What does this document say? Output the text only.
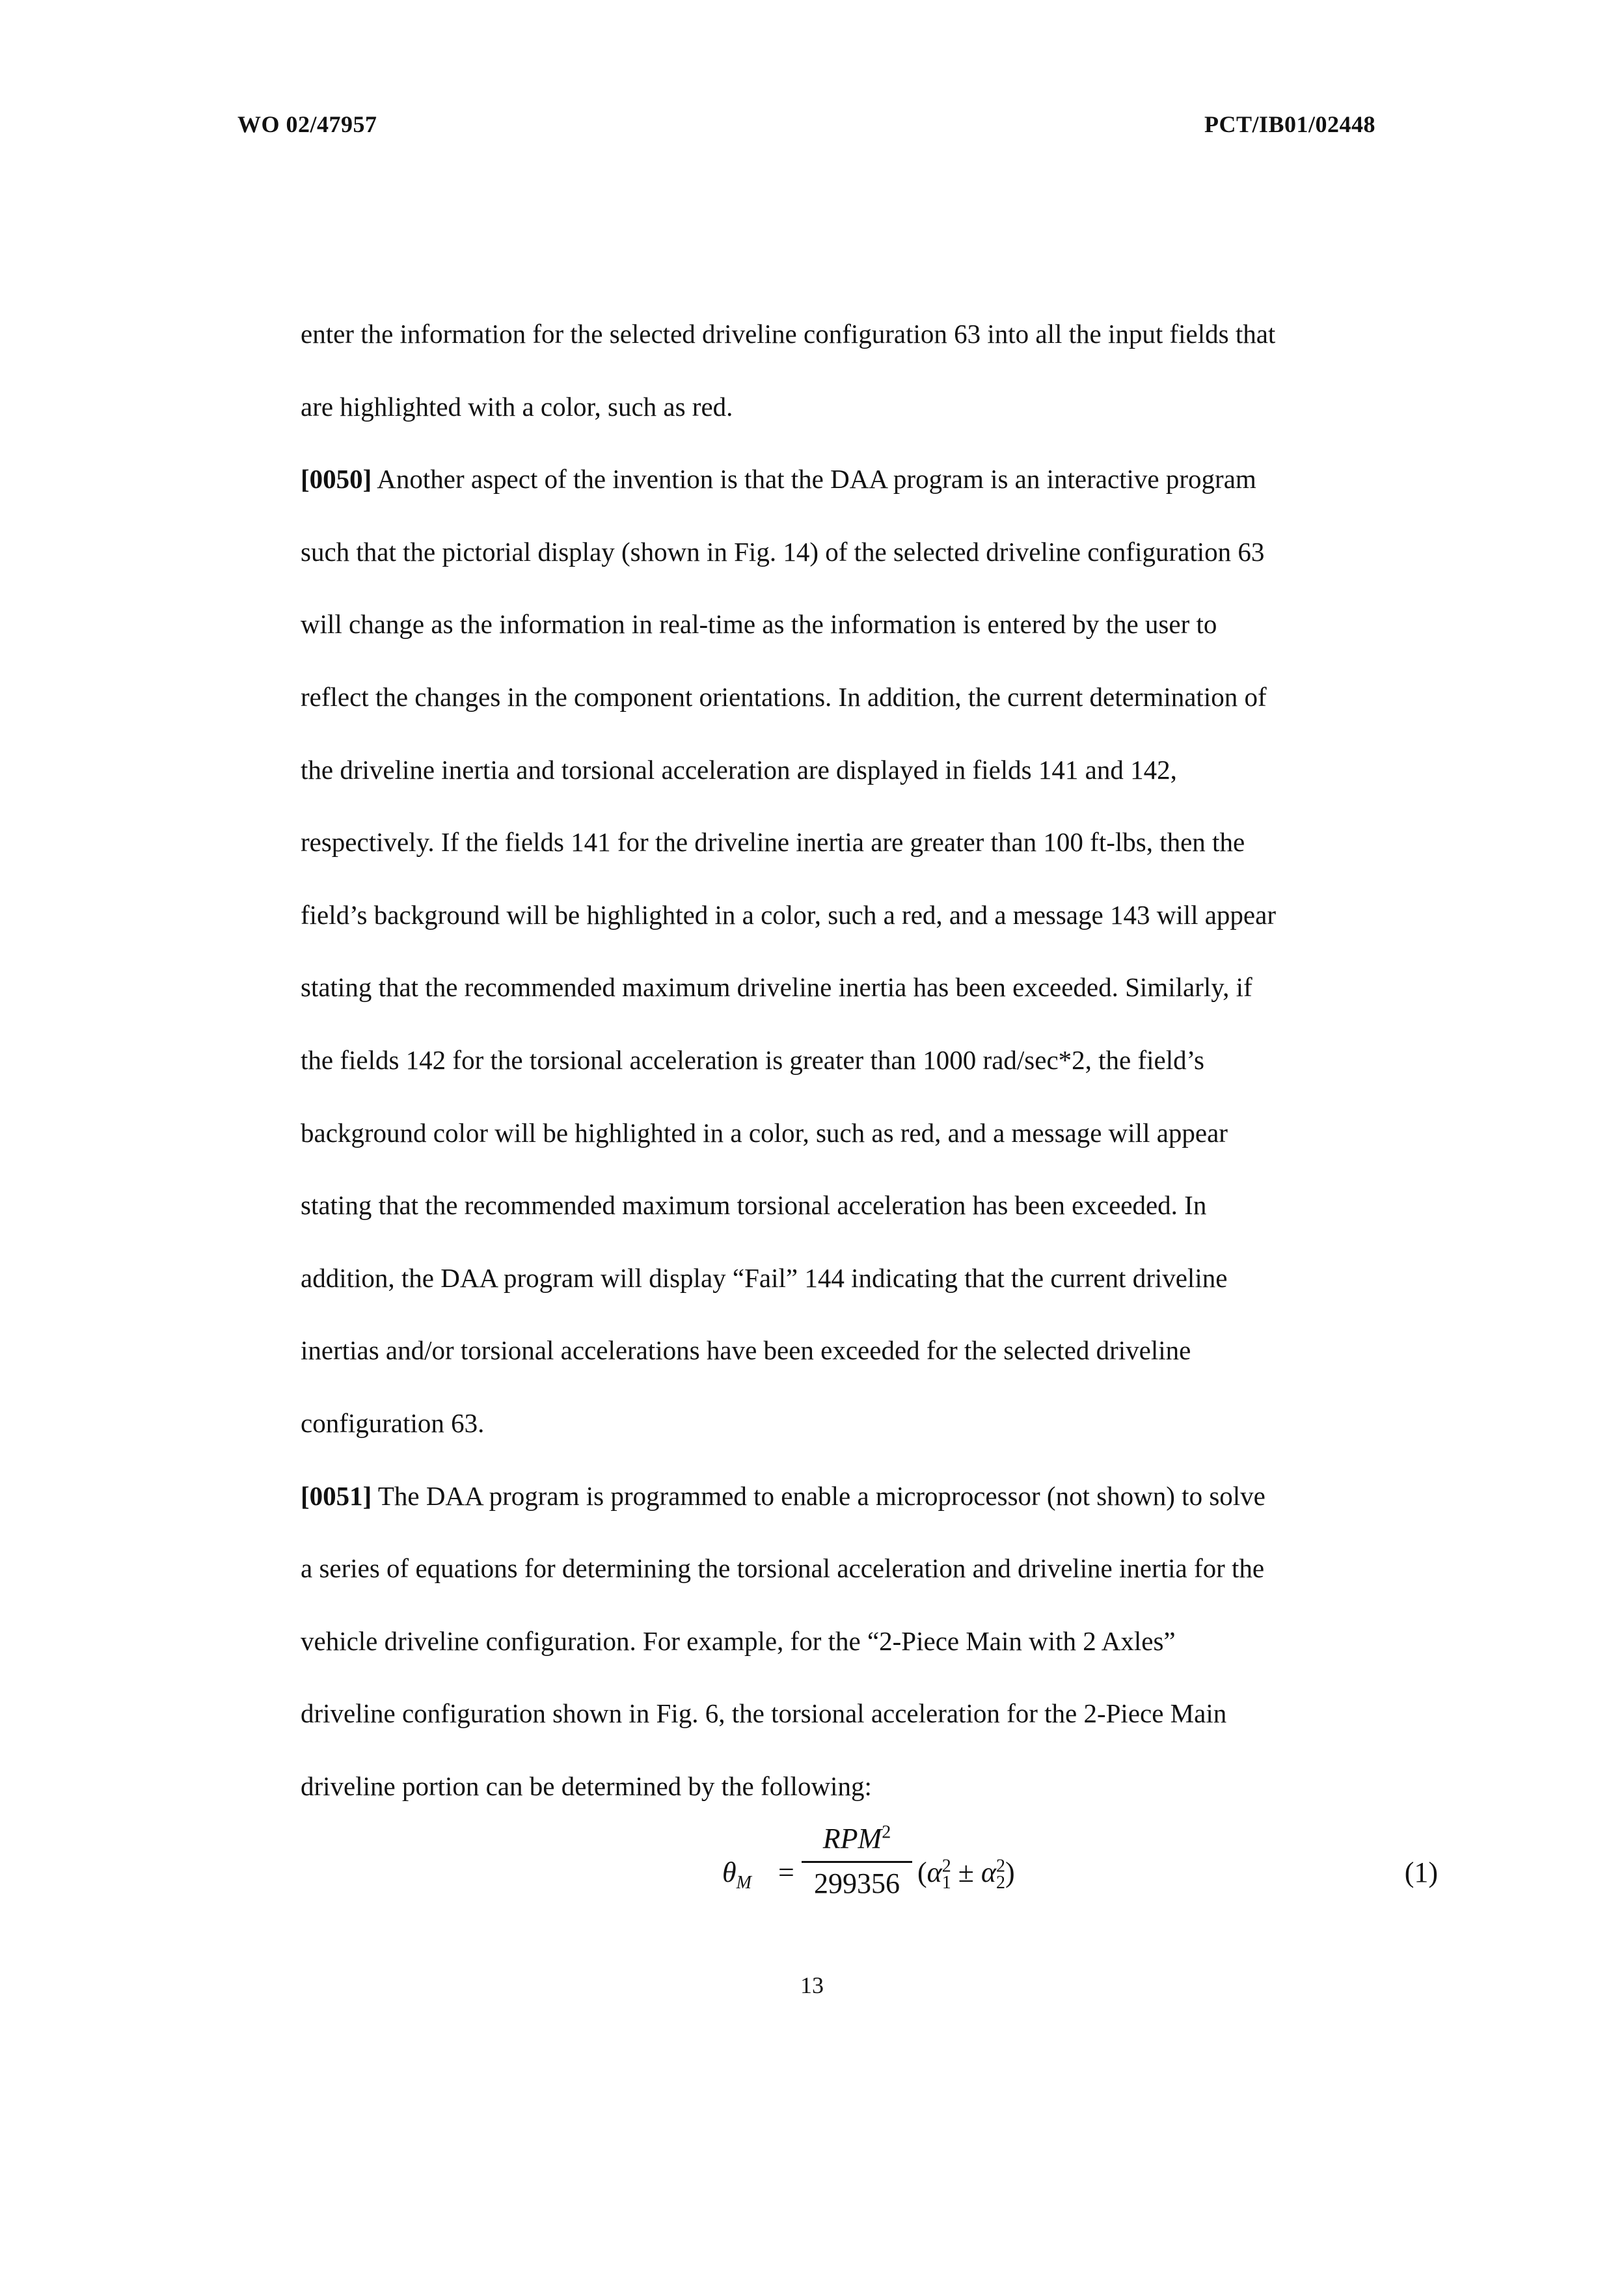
WO 02/47957	PCT/IB01/02448
enter the information for the selected driveline configuration 63 into all the input fields that
are highlighted with a color, such as red.
[0050] Another aspect of the invention is that the DAA program is an interactive program
such that the pictorial display (shown in Fig. 14) of the selected driveline configuration 63
will change as the information in real-time as the information is entered by the user to
reflect the changes in the component orientations. In addition, the current determination of
the driveline inertia and torsional acceleration are displayed in fields 141 and 142,
respectively. If the fields 141 for the driveline inertia are greater than 100 ft-lbs, then the
field’s background will be highlighted in a color, such a red, and a message 143 will appear
stating that the recommended maximum driveline inertia has been exceeded. Similarly, if
the fields 142 for the torsional acceleration is greater than 1000 rad/sec*2, the field’s
background color will be highlighted in a color, such as red, and a message will appear
stating that the recommended maximum torsional acceleration has been exceeded. In
addition, the DAA program will display “Fail” 144 indicating that the current driveline
inertias and/or torsional accelerations have been exceeded for the selected driveline
configuration 63.
[0051] The DAA program is programmed to enable a microprocessor (not shown) to solve
a series of equations for determining the torsional acceleration and driveline inertia for the
vehicle driveline configuration. For example, for the “2-Piece Main with 2 Axles”
driveline configuration shown in Fig. 6, the torsional acceleration for the 2-Piece Main
driveline portion can be determined by the following:
$\theta_M$ =
$RPM^2$
299356 $(\alpha^2_1 \pm \alpha^2_2)$	(1)
13
